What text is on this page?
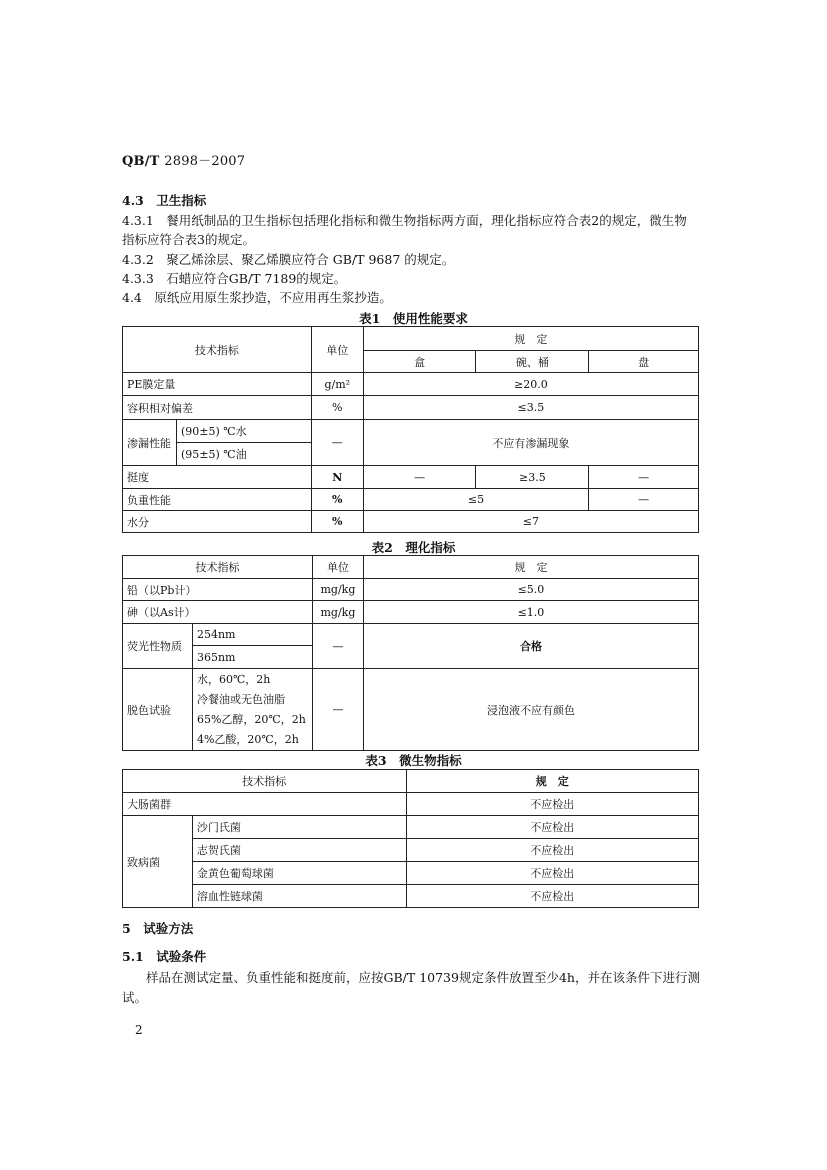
QB/T 2898－2007
4.3　卫生指标
4.3.1　餐用纸制品的卫生指标包括理化指标和微生物指标两方面，理化指标应符合表2的规定，微生物
指标应符合表3的规定。
4.3.2　聚乙烯涂层、聚乙烯膜应符合 GB/T 9687 的规定。
4.3.3　石蜡应符合GB/T 7189的规定。
4.4　原纸应用原生浆抄造，不应用再生浆抄造。
表1　使用性能要求
技术指标		单位	规　定		
			盒	碗、桶	盘
PE膜定量		g/m²	≥20.0		
容积相对偏差		%	≤3.5		
渗漏性能	(90±5) ℃水	—	不应有渗漏现象		
	(95±5) ℃油				
挺度		N	—	≥3.5	—
负重性能		%	≤5		—
水分		%	≤7		
表2　理化指标
技术指标		单位	规　定
铅（以Pb计）		mg/kg	≤5.0
砷（以As计）		mg/kg	≤1.0
荧光性物质	254nm	—	合格
	365nm		
脱色试验	水，60℃，2h
冷餐油或无色油脂
65%乙醇，20℃，2h
4%乙酸，20℃，2h	—	浸泡液不应有颜色
表3　微生物指标
技术指标		规　定
大肠菌群		不应检出
致病菌	沙门氏菌	不应检出
	志贺氏菌	不应检出
	金黄色葡萄球菌	不应检出
	溶血性链球菌	不应检出
5　试验方法
5.1　试验条件
样品在测试定量、负重性能和挺度前，应按GB/T 10739规定条件放置至少4h，并在该条件下进行测
试。
2
